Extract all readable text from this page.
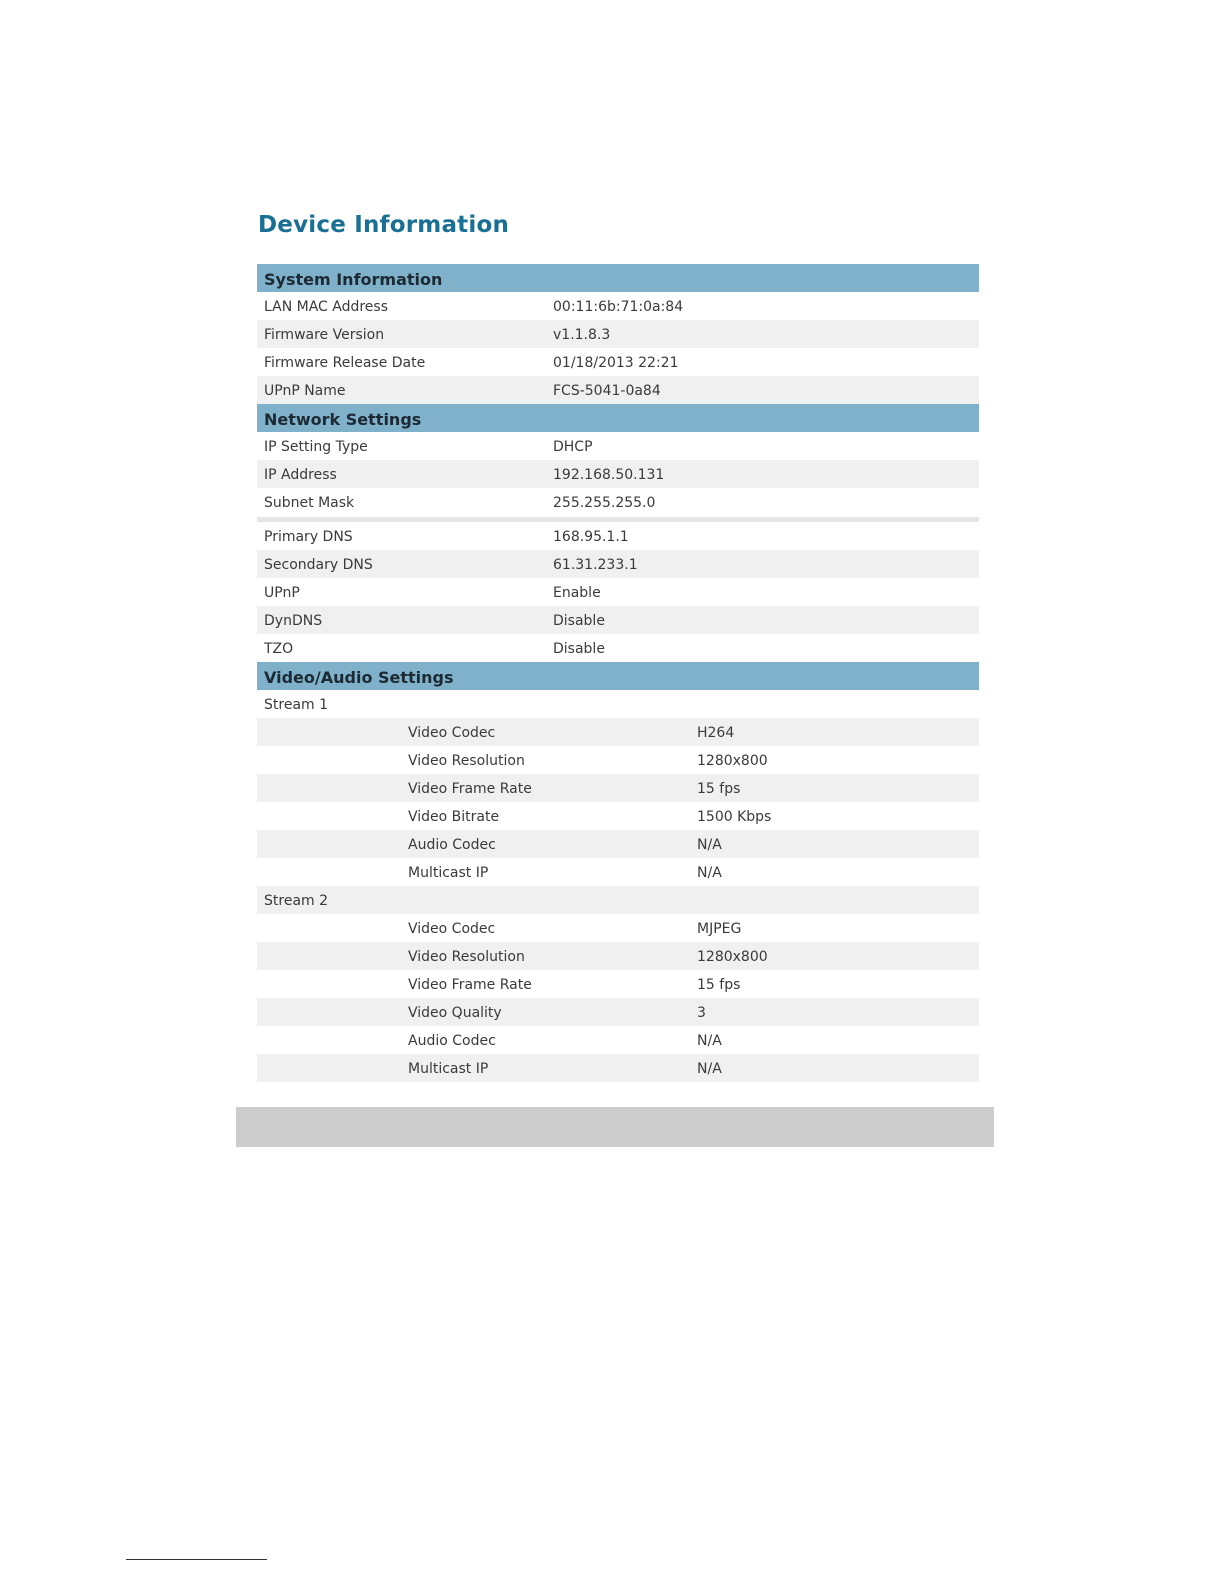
Device Information
System Information
LAN MAC Address	00:11:6b:71:0a:84
Firmware Version	v1.1.8.3
Firmware Release Date	01/18/2013 22:21
UPnP Name	FCS-5041-0a84
Network Settings
IP Setting Type	DHCP
IP Address	192.168.50.131
Subnet Mask	255.255.255.0
Primary DNS	168.95.1.1
Secondary DNS	61.31.233.1
UPnP	Enable
DynDNS	Disable
TZO	Disable
Video/Audio Settings
Stream 1
Video Codec	H264
Video Resolution	1280x800
Video Frame Rate	15 fps
Video Bitrate	1500 Kbps
Audio Codec	N/A
Multicast IP	N/A
Stream 2
Video Codec	MJPEG
Video Resolution	1280x800
Video Frame Rate	15 fps
Video Quality	3
Audio Codec	N/A
Multicast IP	N/A
